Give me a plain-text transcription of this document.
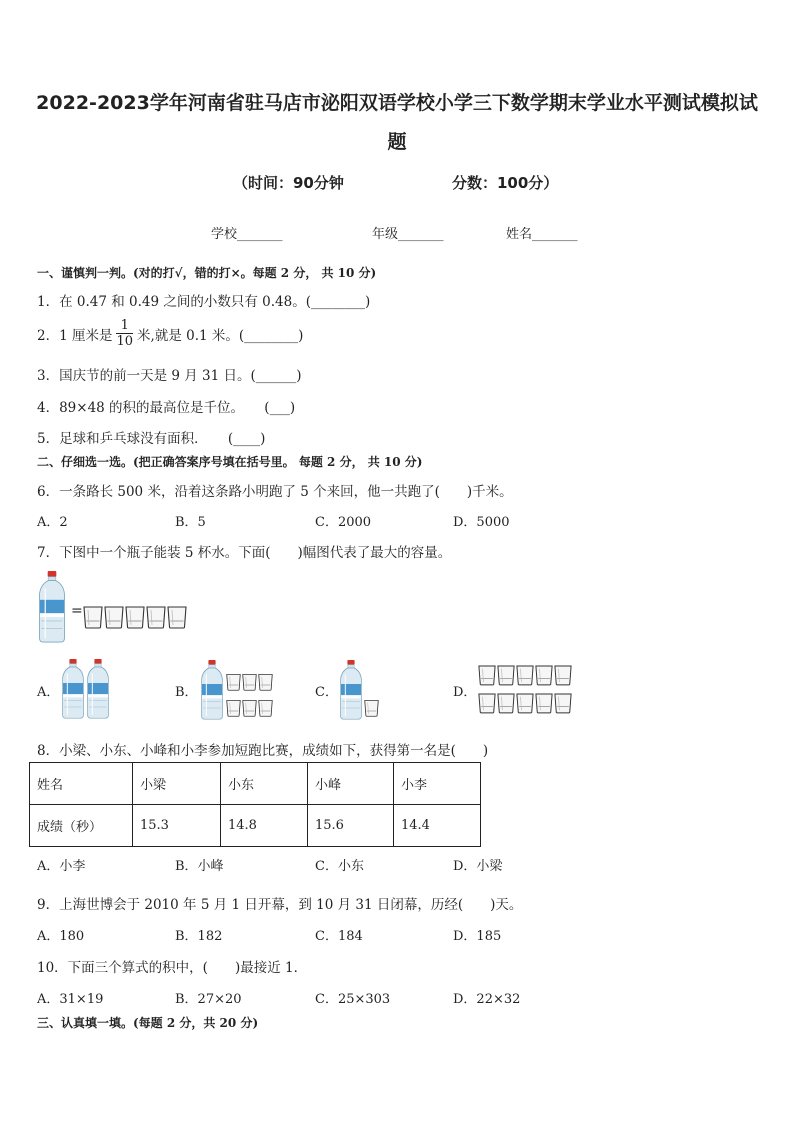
2022-2023学年河南省驻马店市泌阳双语学校小学三下数学期末学业水平测试模拟试
题
（时间：90分钟	分数：100分）
学校_______	年级_______	姓名_______
一、谨慎判一判。(对的打√，错的打×。每题 2 分， 共 10 分)
1．在 0.47 和 0.49 之间的小数只有 0.48。(________)
2．1 厘米是 $\frac{1}{10}$ 米,就是 0.1 米。(________)
3．国庆节的前一天是 9 月 31 日。(______)
4．89×48 的积的最高位是千位。　　(___)
5．足球和乒乓球没有面积．　　(____)
二、仔细选一选。(把正确答案序号填在括号里。 每题 2 分， 共 10 分)
6．一条路长 500 米，沿着这条路小明跑了 5 个来回，他一共跑了(　　)千米。
A．2	B．5	C．2000	D．5000
7．下图中一个瓶子能装 5 杯水。下面(　　)幅图代表了最大的容量。
=
A．	B．	C．	D．
8．小梁、小东、小峰和小李参加短跑比赛，成绩如下，获得第一名是(　　)
姓名	小梁	小东	小峰	小李
成绩（秒）	15.3	14.8	15.6	14.4
A．小李	B．小峰	C．小东	D．小梁
9．上海世博会于 2010 年 5 月 1 日开幕，到 10 月 31 日闭幕，历经(　　)天。
A．180	B．182	C．184	D．185
10．下面三个算式的积中，(　　)最接近 1．
A．31×19	B．27×20	C．25×303	D．22×32
三、认真填一填。(每题 2 分，共 20 分)
